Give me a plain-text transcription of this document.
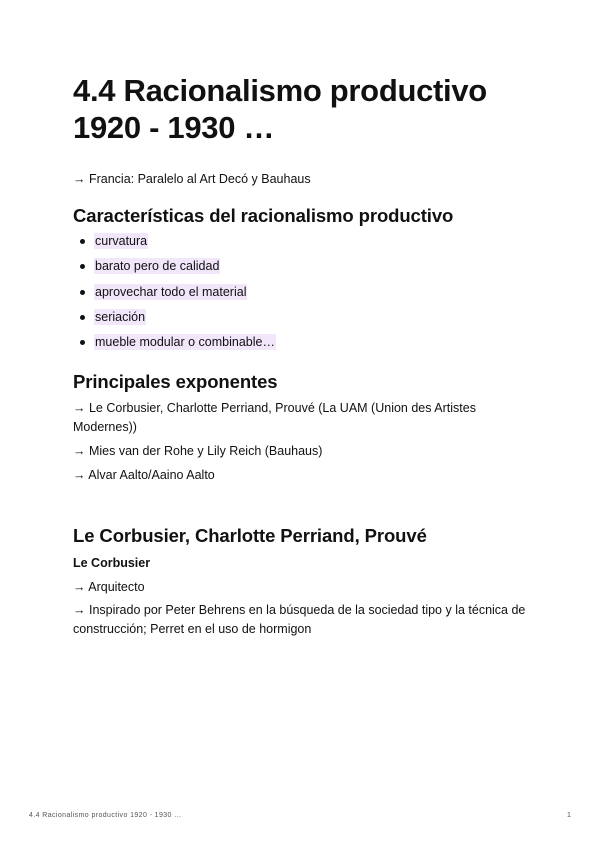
4.4 Racionalismo productivo
1920 - 1930 …

→ Francia: Paralelo al Art Decó y Bauhaus

Características del racionalismo productivo
curvatura
barato pero de calidad
aprovechar todo el material
seriación
mueble modular o combinable…
Principales exponentes

→ Le Corbusier, Charlotte Perriand, Prouvé (La UAM (Union des Artistes Modernes))

→ Mies van der Rohe y Lily Reich (Bauhaus)

→ Alvar Aalto/Aaino Aalto

Le Corbusier, Charlotte Perriand, Prouvé
Le Corbusier

→ Arquitecto

→ Inspirado por Peter Behrens en la búsqueda de la sociedad tipo y la técnica de construcción; Perret en el uso de hormigon

4.4 Racionalismo productivo 1920 - 1930 …	1
